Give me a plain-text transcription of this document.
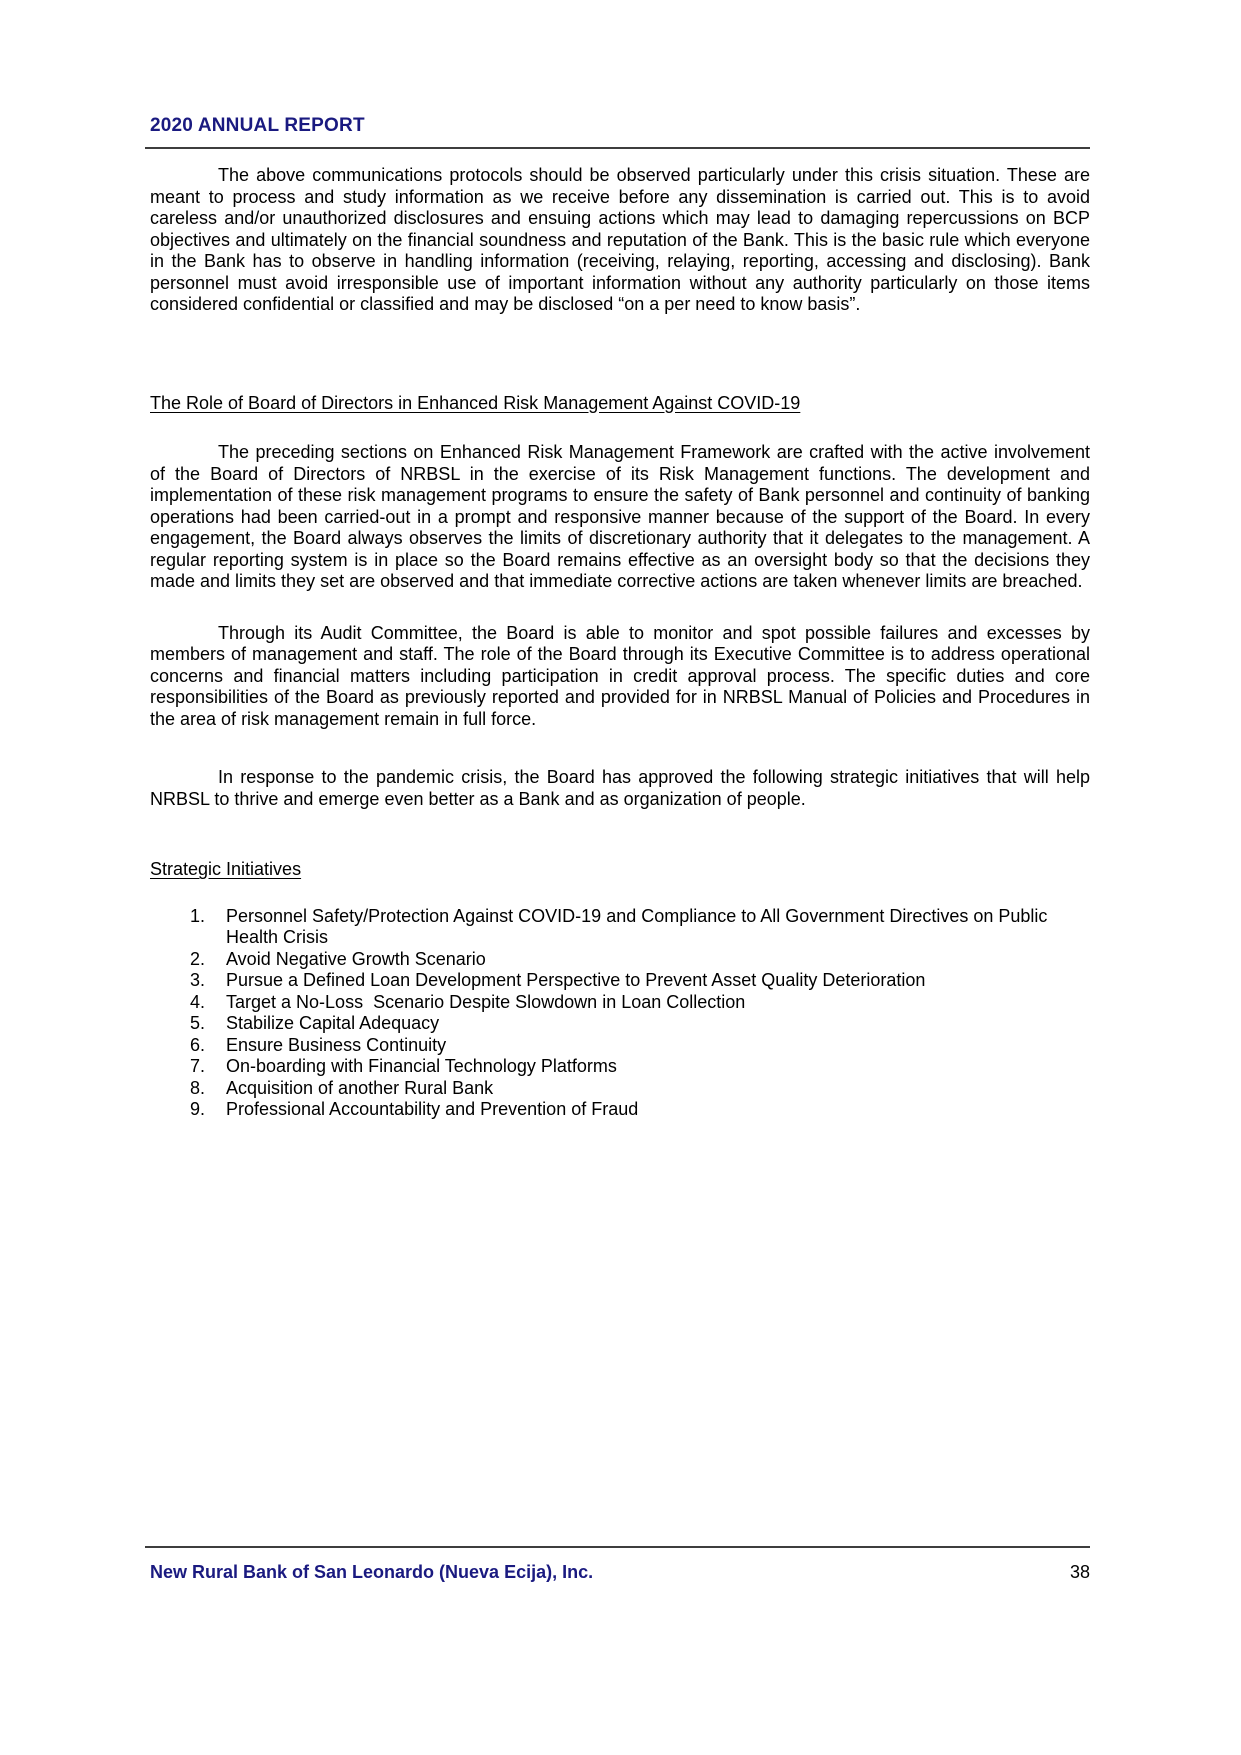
2020 ANNUAL REPORT

The above communications protocols should be observed particularly under this crisis situation. These are meant to process and study information as we receive before any dissemination is carried out. This is to avoid careless and/or unauthorized disclosures and ensuing actions which may lead to damaging repercussions on BCP objectives and ultimately on the financial soundness and reputation of the Bank. This is the basic rule which everyone in the Bank has to observe in handling information (receiving, relaying, reporting, accessing and disclosing). Bank personnel must avoid irresponsible use of important information without any authority particularly on those items considered confidential or classified and may be disclosed “on a per need to know basis”.

The Role of Board of Directors in Enhanced Risk Management Against COVID-19

The preceding sections on Enhanced Risk Management Framework are crafted with the active involvement of the Board of Directors of NRBSL in the exercise of its Risk Management functions. The development and implementation of these risk management programs to ensure the safety of Bank personnel and continuity of banking operations had been carried-out in a prompt and responsive manner because of the support of the Board. In every engagement, the Board always observes the limits of discretionary authority that it delegates to the management. A regular reporting system is in place so the Board remains effective as an oversight body so that the decisions they made and limits they set are observed and that immediate corrective actions are taken whenever limits are breached.

Through its Audit Committee, the Board is able to monitor and spot possible failures and excesses by members of management and staff. The role of the Board through its Executive Committee is to address operational concerns and financial matters including participation in credit approval process. The specific duties and core responsibilities of the Board as previously reported and provided for in NRBSL Manual of Policies and Procedures in the area of risk management remain in full force.

In response to the pandemic crisis, the Board has approved the following strategic initiatives that will help NRBSL to thrive and emerge even better as a Bank and as organization of people.

Strategic Initiatives
1.	Personnel Safety/Protection Against COVID-19 and Compliance to All Government Directives on Public Health Crisis
2.	Avoid Negative Growth Scenario
3.	Pursue a Defined Loan Development Perspective to Prevent Asset Quality Deterioration
4.	Target a No-Loss  Scenario Despite Slowdown in Loan Collection
5.	Stabilize Capital Adequacy
6.	Ensure Business Continuity
7.	On-boarding with Financial Technology Platforms
8.	Acquisition of another Rural Bank
9.	Professional Accountability and Prevention of Fraud
New Rural Bank of San Leonardo (Nueva Ecija), Inc.	38
